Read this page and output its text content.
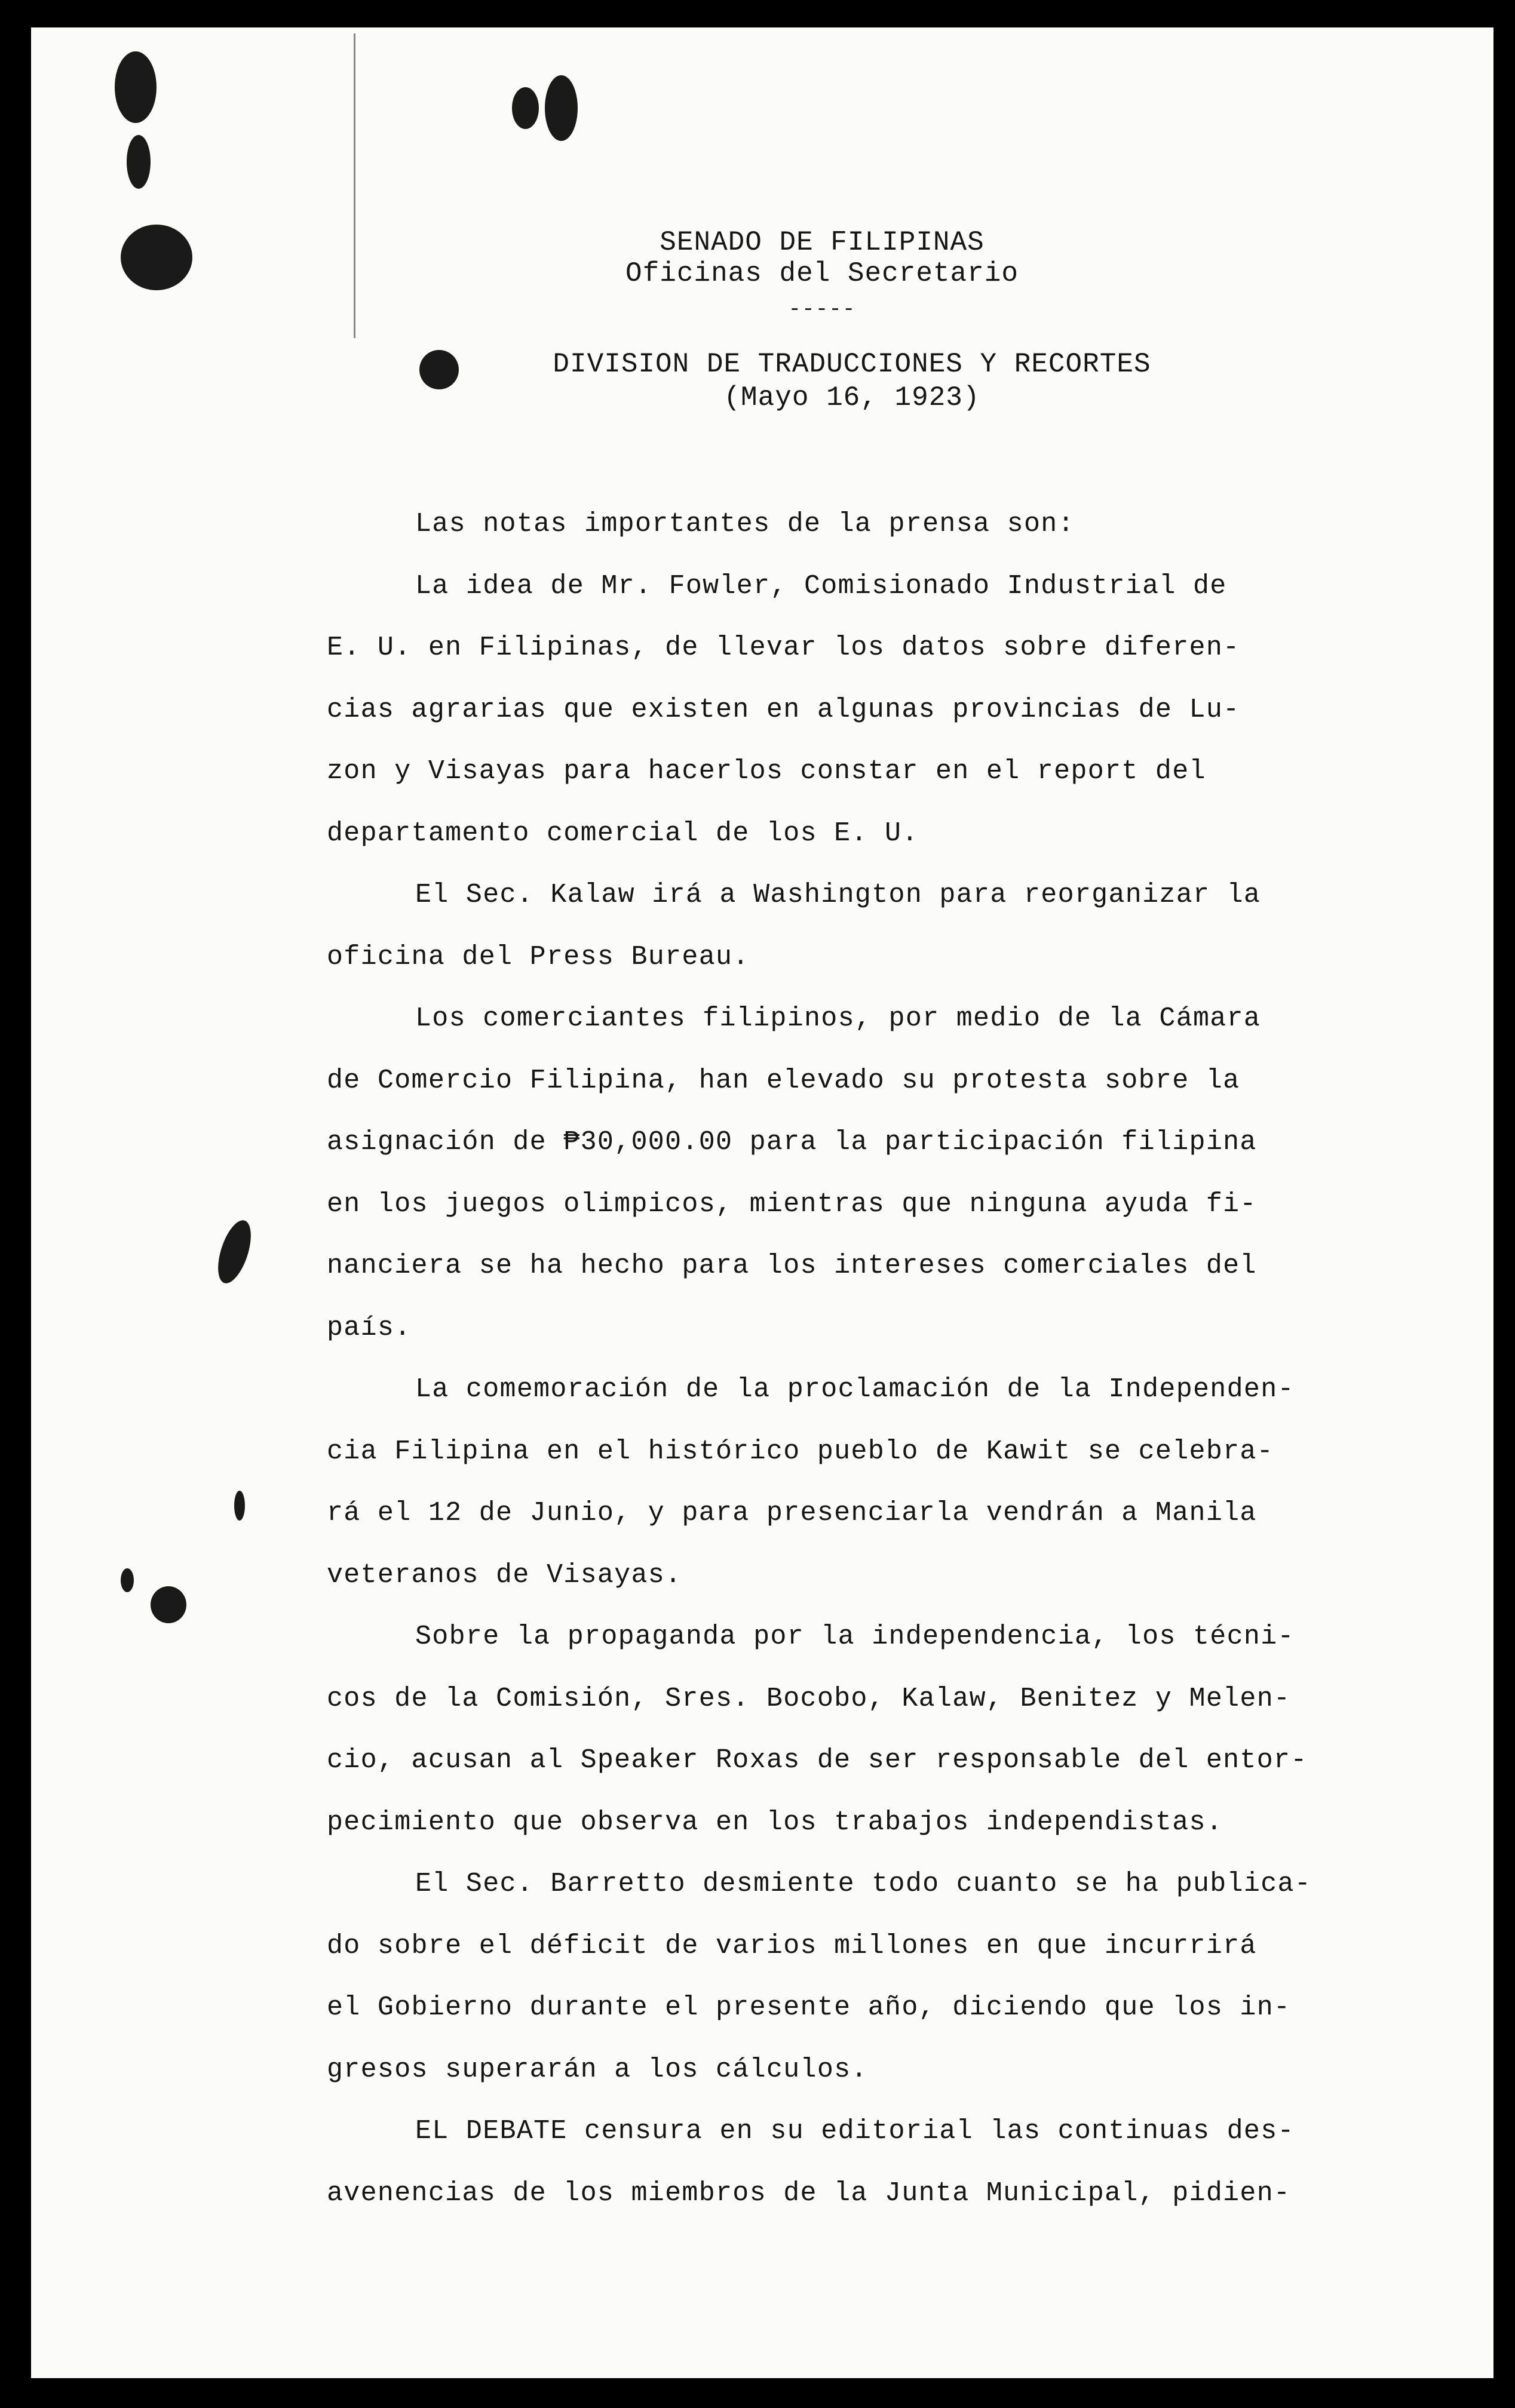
SENADO DE FILIPINAS
Oficinas del Secretario
-----
DIVISION DE TRADUCCIONES Y RECORTES
(Mayo 16, 1923)

Las notas importantes de la prensa son:

La idea de Mr. Fowler, Comisionado Industrial de
E. U. en Filipinas, de llevar los datos sobre diferen-
cias agrarias que existen en algunas provincias de Lu-
zon y Visayas para hacerlos constar en el report del
departamento comercial de los E. U.

El Sec. Kalaw irá a Washington para reorganizar la
oficina del Press Bureau.

Los comerciantes filipinos, por medio de la Cámara
de Comercio Filipina, han elevado su protesta sobre la
asignación de ₱30,000.00 para la participación filipina
en los juegos olimpicos, mientras que ninguna ayuda fi-
nanciera se ha hecho para los intereses comerciales del
país.

La comemoración de la proclamación de la Independen-
cia Filipina en el histórico pueblo de Kawit se celebra-
rá el 12 de Junio, y para presenciarla vendrán a Manila
veteranos de Visayas.

Sobre la propaganda por la independencia, los técni-
cos de la Comisión, Sres. Bocobo, Kalaw, Benitez y Melen-
cio, acusan al Speaker Roxas de ser responsable del entor-
pecimiento que observa en los trabajos independistas.

El Sec. Barretto desmiente todo cuanto se ha publica-
do sobre el déficit de varios millones en que incurrirá
el Gobierno durante el presente año, diciendo que los in-
gresos superarán a los cálculos.

EL DEBATE censura en su editorial las continuas des-
avenencias de los miembros de la Junta Municipal, pidien-
